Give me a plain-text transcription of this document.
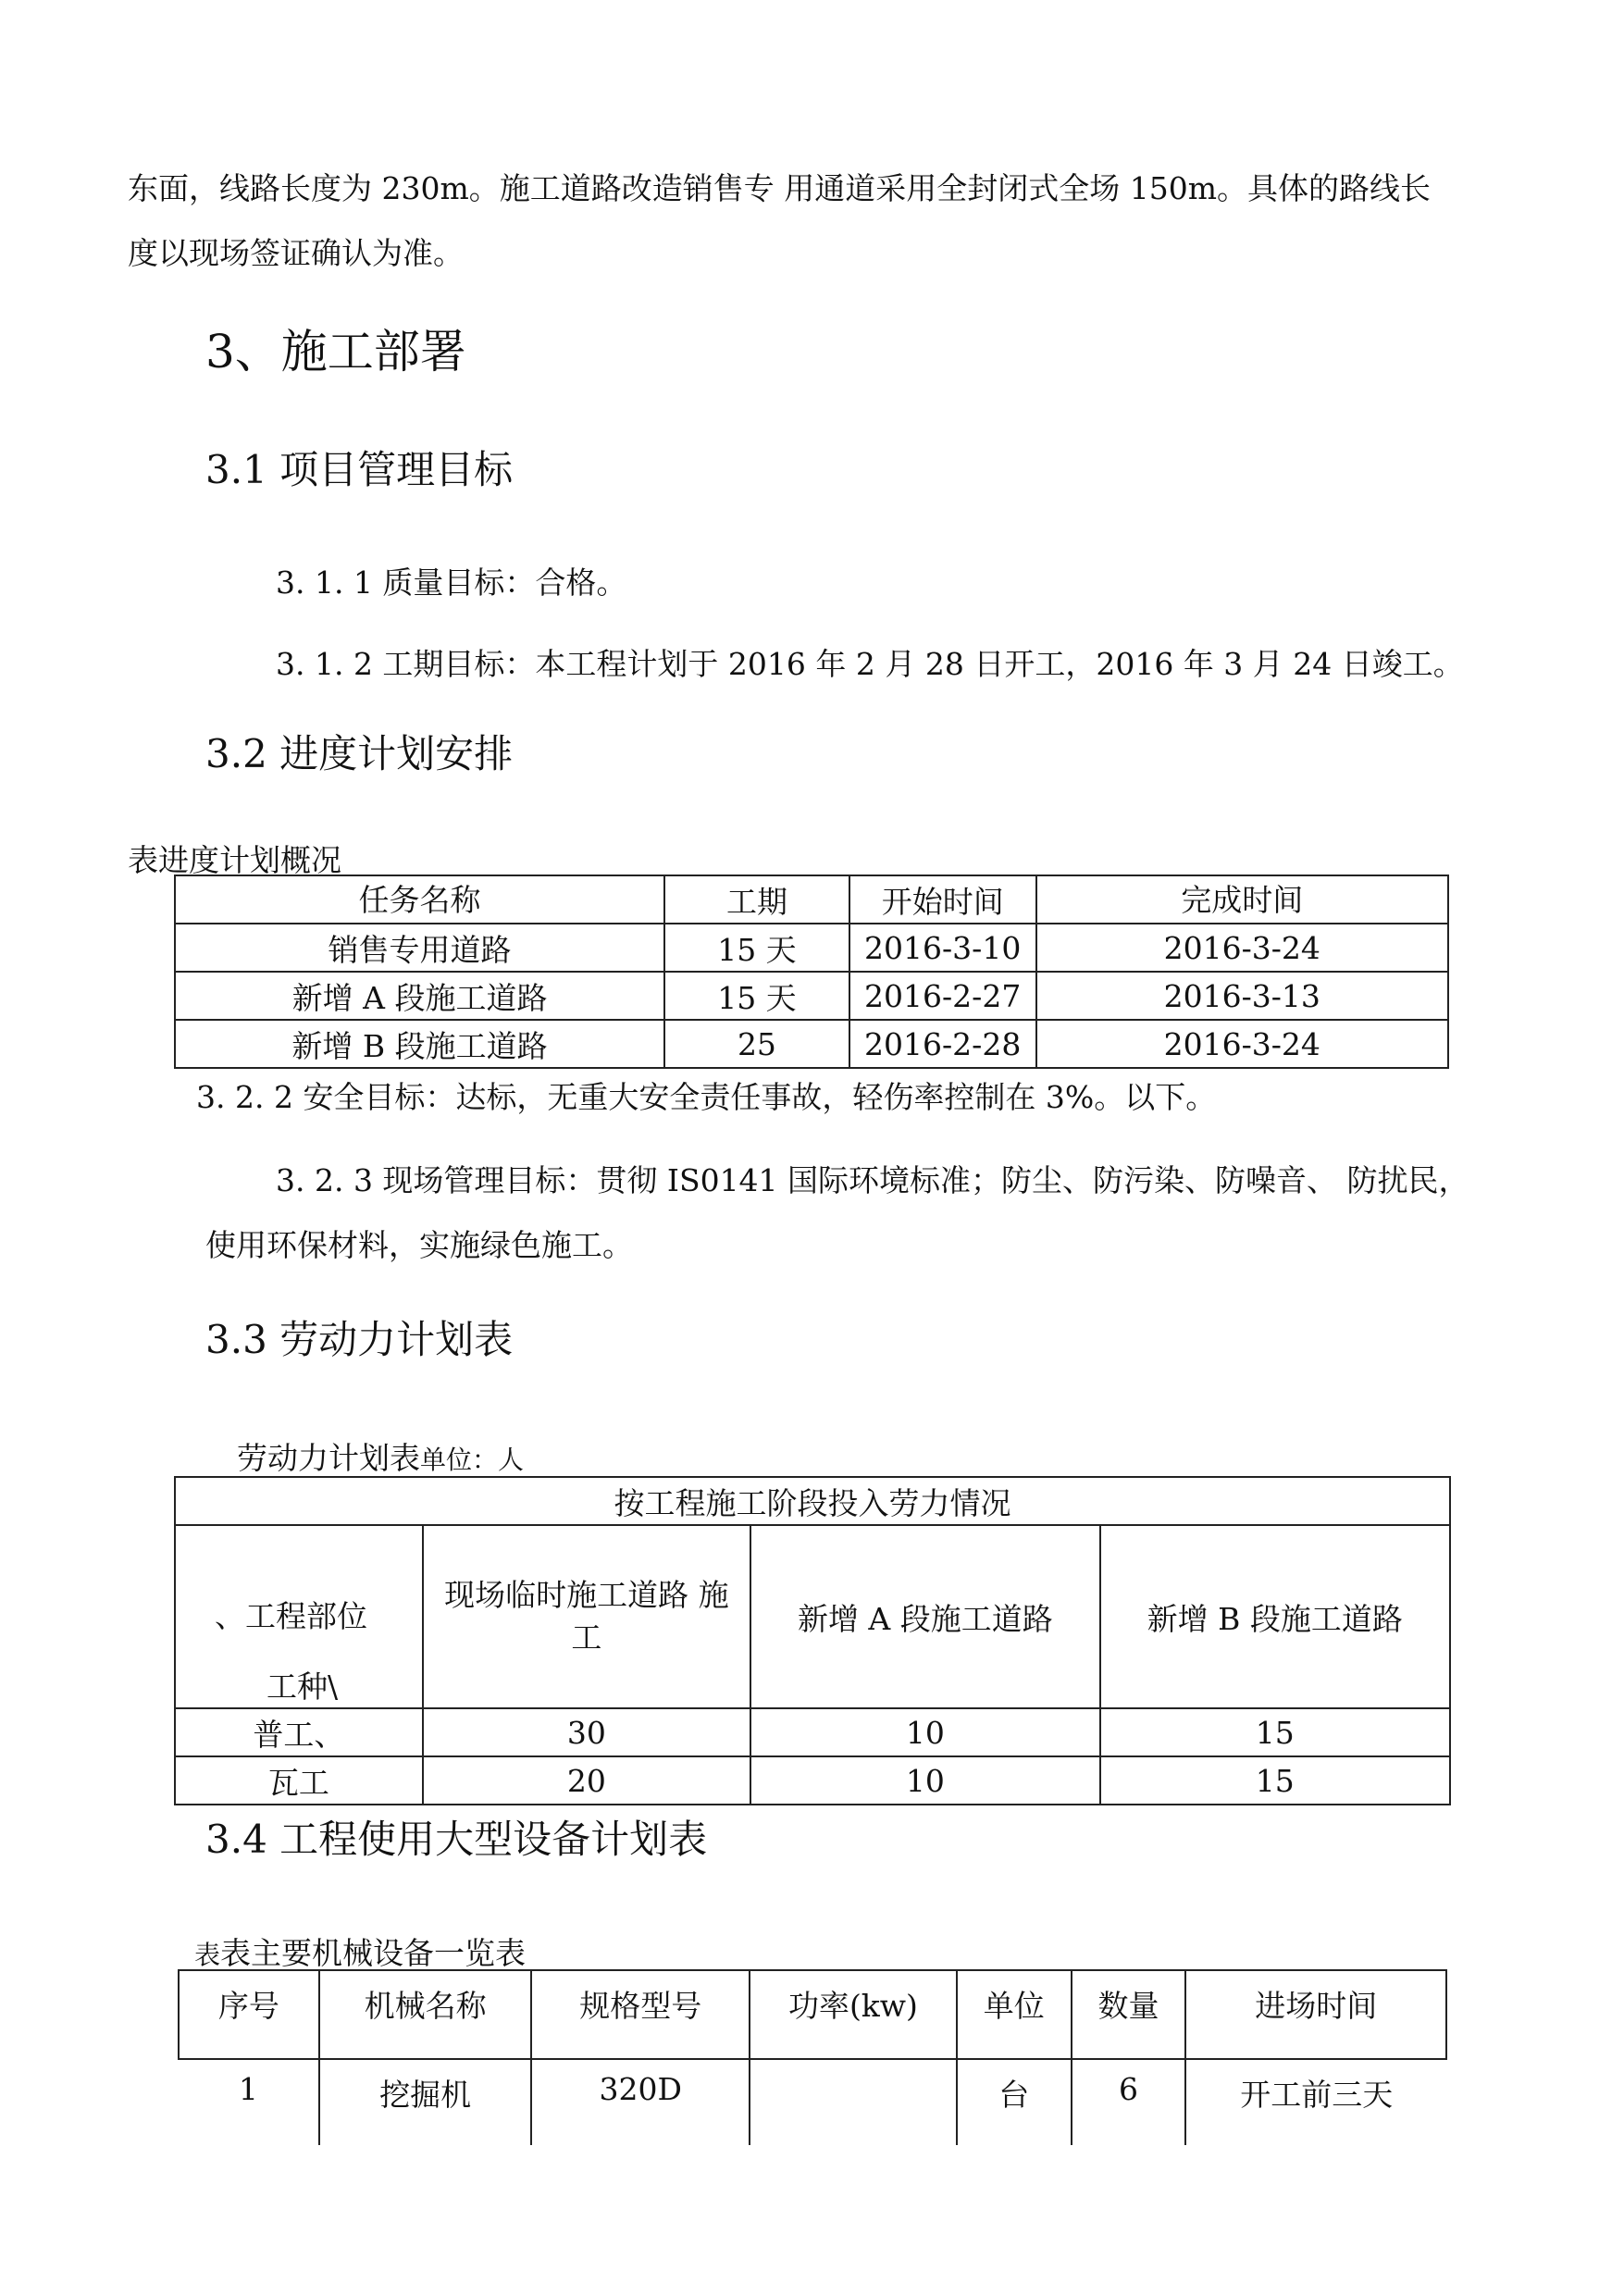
东面，线路长度为 230m。施工道路改造销售专 用通道采用全封闭式全场 150m。具体的路线长
度以现场签证确认为准。
3、施工部署
3.1 项目管理目标
3. 1. 1 质量目标：合格。
3. 1. 2 工期目标：本工程计划于 2016 年 2 月 28 日开工，2016 年 3 月 24 日竣工。
3.2 进度计划安排
表进度计划概况
任务名称	工期	开始时间	完成时间
销售专用道路	15 天	2016-3-10	2016-3-24
新增 A 段施工道路	15 天	2016-2-27	2016-3-13
新增 B 段施工道路	25	2016-2-28	2016-3-24
3. 2. 2 安全目标：达标，无重大安全责任事故，轻伤率控制在 3%。以下。
3. 2. 3 现场管理目标：贯彻 IS0141 国际环境标准；防尘、防污染、防噪音、 防扰民，
使用环保材料，实施绿色施工。
3.3 劳动力计划表
劳动力计划表单位：人
按工程施工阶段投入劳力情况			

、工程部位
工种\	现场临时施工道路 施工	新增 A 段施工道路	新增 B 段施工道路
普工、	30	10	15
瓦工	20	10	15
3.4 工程使用大型设备计划表
表表主要机械设备一览表
序号	机械名称	规格型号	功率(kw)	单位	数量	进场时间
1	挖掘机	320D		台	6	开工前三天
